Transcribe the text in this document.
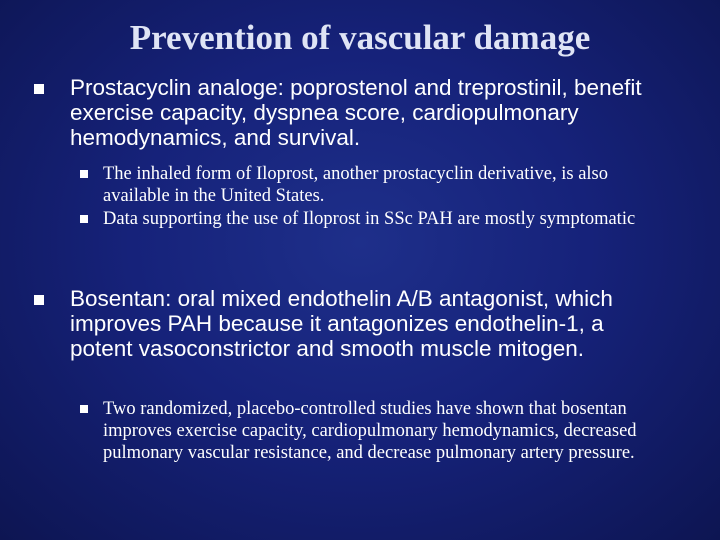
Prevention of vascular damage
Prostacyclin analoge: poprostenol and treprostinil, benefit exercise capacity, dyspnea score, cardiopulmonary hemodynamics, and survival.
The inhaled form of Iloprost, another prostacyclin derivative, is also available in the United States.
Data supporting the use of Iloprost in SSc PAH are mostly symptomatic
Bosentan: oral mixed endothelin A/B antagonist, which improves PAH because it antagonizes endothelin-1, a potent vasoconstrictor and smooth muscle mitogen.
Two randomized, placebo-controlled studies have shown that bosentan improves exercise capacity, cardiopulmonary hemodynamics, decreased pulmonary vascular resistance, and decrease pulmonary artery pressure.
